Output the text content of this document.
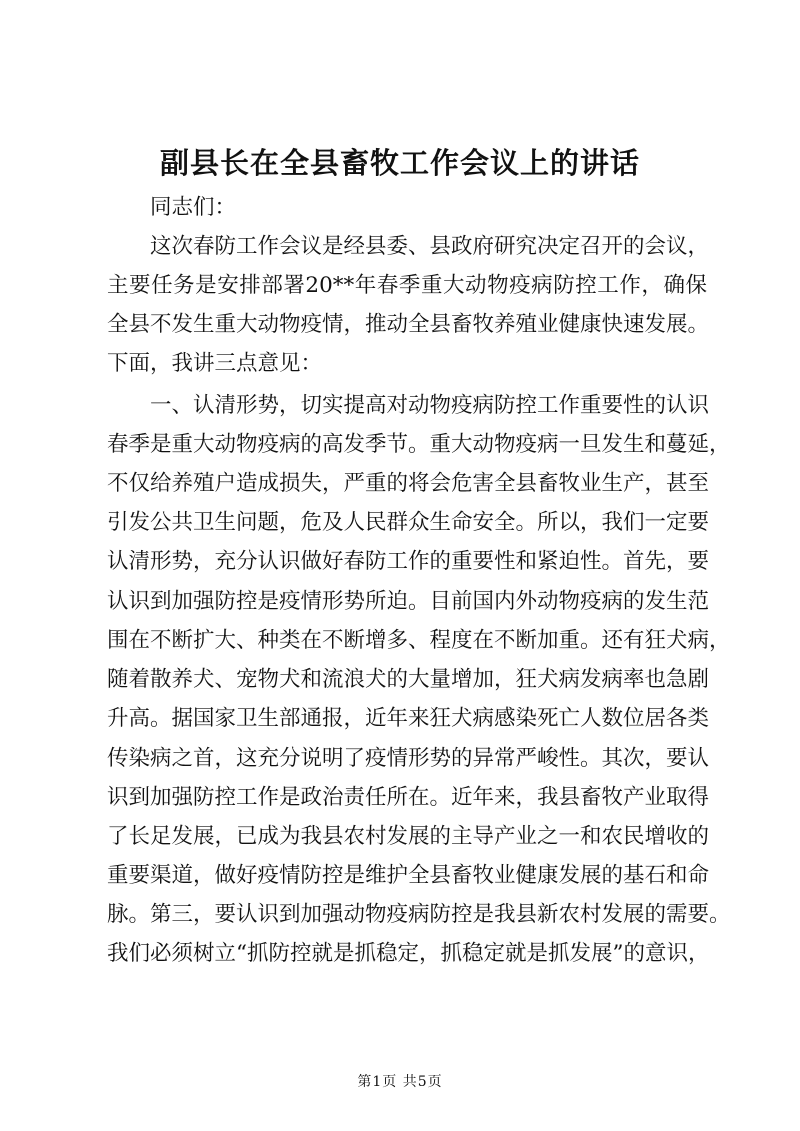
副县长在全县畜牧工作会议上的讲话

同志们：

这次春防工作会议是经县委、县政府研究决定召开的会议，

主要任务是安排部署20**年春季重大动物疫病防控工作，确保

全县不发生重大动物疫情，推动全县畜牧养殖业健康快速发展。

下面，我讲三点意见：

一、认清形势，切实提高对动物疫病防控工作重要性的认识

春季是重大动物疫病的高发季节。重大动物疫病一旦发生和蔓延，

不仅给养殖户造成损失，严重的将会危害全县畜牧业生产，甚至

引发公共卫生问题，危及人民群众生命安全。所以，我们一定要

认清形势，充分认识做好春防工作的重要性和紧迫性。首先，要

认识到加强防控是疫情形势所迫。目前国内外动物疫病的发生范

围在不断扩大、种类在不断增多、程度在不断加重。还有狂犬病，

随着散养犬、宠物犬和流浪犬的大量增加，狂犬病发病率也急剧

升高。据国家卫生部通报，近年来狂犬病感染死亡人数位居各类

传染病之首，这充分说明了疫情形势的异常严峻性。其次，要认

识到加强防控工作是政治责任所在。近年来，我县畜牧产业取得

了长足发展，已成为我县农村发展的主导产业之一和农民增收的

重要渠道，做好疫情防控是维护全县畜牧业健康发展的基石和命

脉。第三，要认识到加强动物疫病防控是我县新农村发展的需要。

我们必须树立“抓防控就是抓稳定，抓稳定就是抓发展”的意识，

第1页 共5页
